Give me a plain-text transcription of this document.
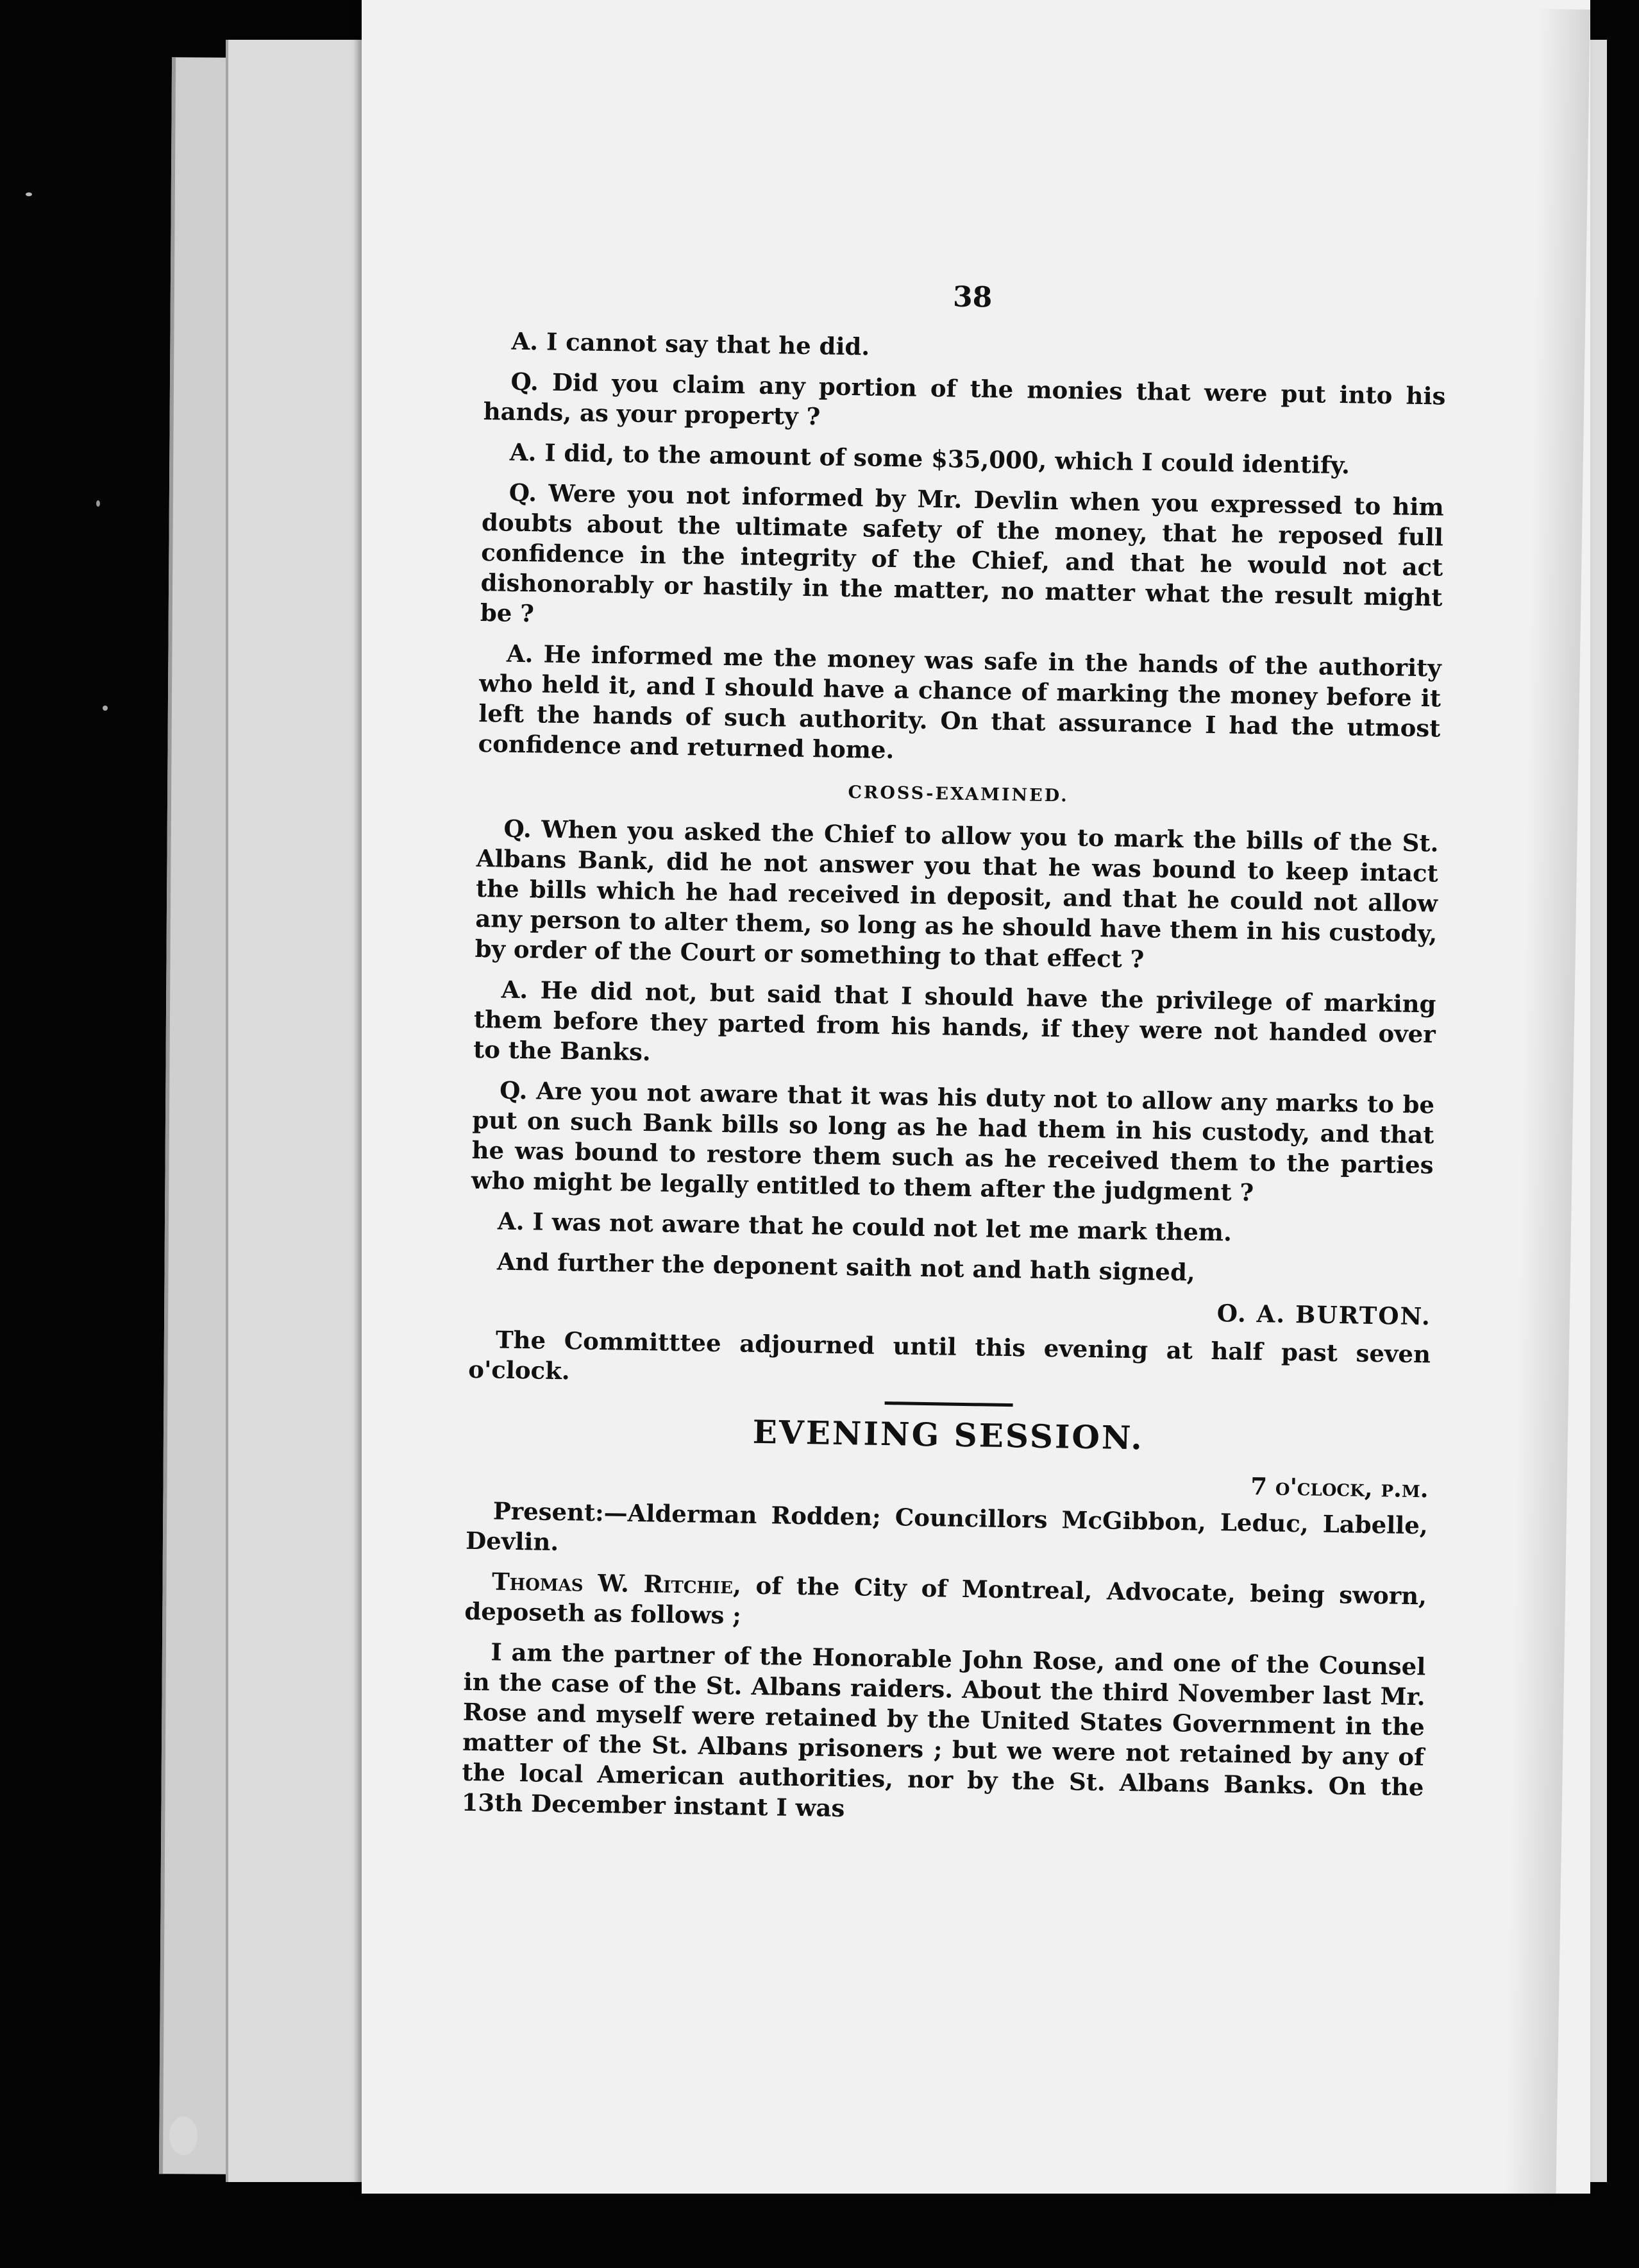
38

A. I cannot say that he did.

Q. Did you claim any portion of the monies that were put into his hands, as your property ?

A. I did, to the amount of some $35,000, which I could identify.

Q. Were you not informed by Mr. Devlin when you expressed to him doubts about the ultimate safety of the money, that he reposed full confidence in the integrity of the Chief, and that he would not act dishonorably or hastily in the matter, no matter what the result might be ?

A. He informed me the money was safe in the hands of the authority who held it, and I should have a chance of marking the money before it left the hands of such authority. On that assurance I had the utmost confidence and returned home.

CROSS-EXAMINED.

Q. When you asked the Chief to allow you to mark the bills of the St. Albans Bank, did he not answer you that he was bound to keep intact the bills which he had received in deposit, and that he could not allow any person to alter them, so long as he should have them in his custody, by order of the Court or something to that effect ?

A. He did not, but said that I should have the privilege of marking them before they parted from his hands, if they were not handed over to the Banks.

Q. Are you not aware that it was his duty not to allow any marks to be put on such Bank bills so long as he had them in his custody, and that he was bound to restore them such as he received them to the parties who might be legally entitled to them after the judgment ?

A. I was not aware that he could not let me mark them.

And further the deponent saith not and hath signed,

O. A. BURTON.

The Committtee adjourned until this evening at half past seven o'clock.

EVENING SESSION.

7 o'clock, p.m.

Present:—Alderman Rodden; Councillors McGibbon, Leduc, Labelle, Devlin.

Thomas W. Ritchie, of the City of Montreal, Advocate, being sworn, deposeth as follows ;

I am the partner of the Honorable John Rose, and one of the Counsel in the case of the St. Albans raiders. About the third November last Mr. Rose and myself were retained by the United States Government in the matter of the St. Albans prisoners ; but we were not retained by any of the local American authorities, nor by the St. Albans Banks. On the 13th December instant I was
